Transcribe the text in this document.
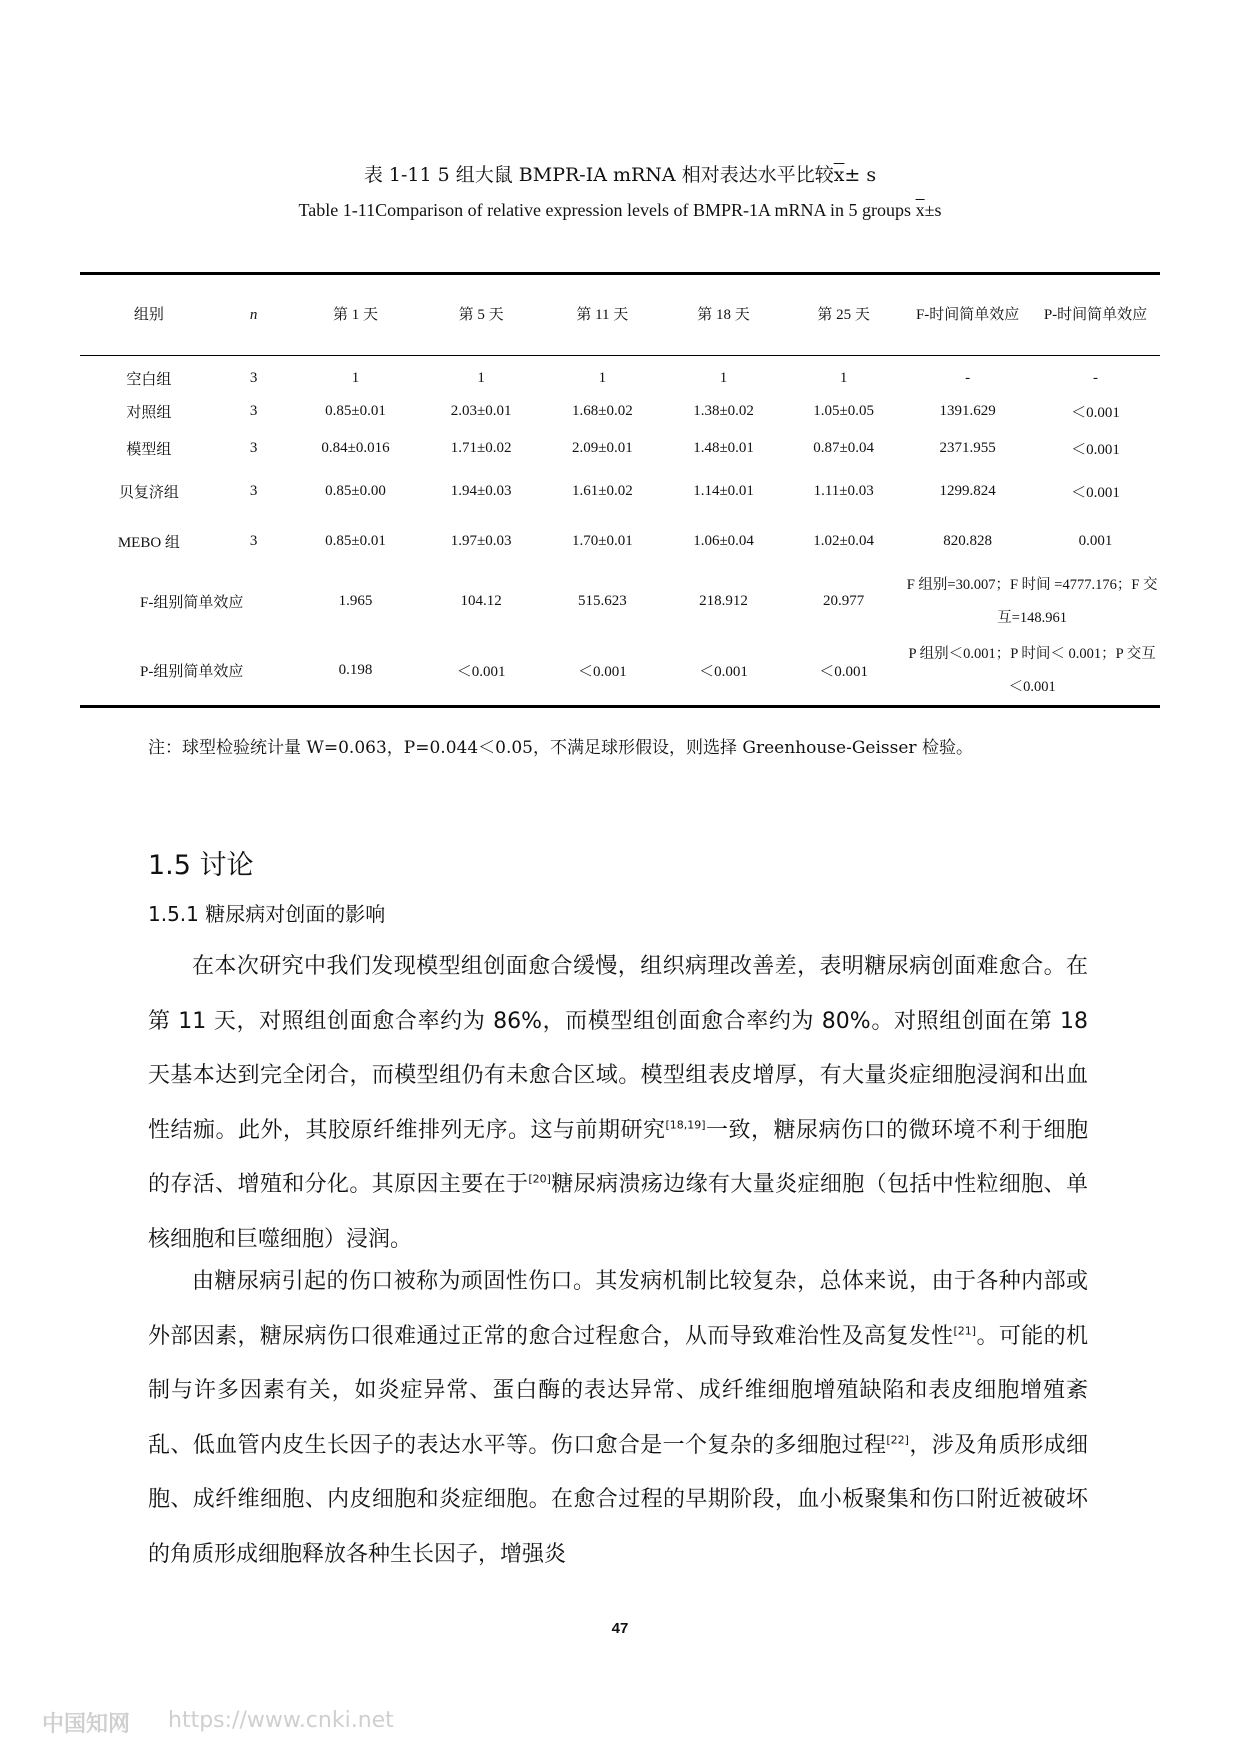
表 1-11 5 组大鼠 BMPR-IA mRNA 相对表达水平比较$\overline{x}\pm s$
Table 1-11Comparison of relative expression levels of BMPR-1A mRNA in 5 groups $\overline{x}\pm s$
组别	n	第 1 天	第 5 天	第 11 天	第 18 天	第 25 天	F-时间简单效应	P-时间简单效应
空白组	3	1	1	1	1	1	-	-
对照组	3	0.85±0.01	2.03±0.01	1.68±0.02	1.38±0.02	1.05±0.05	1391.629	＜0.001
模型组	3	0.84±0.016	1.71±0.02	2.09±0.01	1.48±0.01	0.87±0.04	2371.955	＜0.001
贝复济组	3	0.85±0.00	1.94±0.03	1.61±0.02	1.14±0.01	1.11±0.03	1299.824	＜0.001
MEBO 组	3	0.85±0.01	1.97±0.03	1.70±0.01	1.06±0.04	1.02±0.04	820.828	0.001
F-组别简单效应		1.965	104.12	515.623	218.912	20.977	F 组别=30.007；F 时间 =4777.176；F 交互=148.961	
P-组别简单效应		0.198	＜0.001	＜0.001	＜0.001	＜0.001	P 组别＜0.001；P 时间＜ 0.001；P 交互＜0.001	
注：球型检验统计量 W=0.063，P=0.044＜0.05，不满足球形假设，则选择 Greenhouse-Geisser 检验。
1.5 讨论
1.5.1 糖尿病对创面的影响

在本次研究中我们发现模型组创面愈合缓慢，组织病理改善差，表明糖尿病创面难愈合。在第 11 天，对照组创面愈合率约为 86%，而模型组创面愈合率约为 80%。对照组创面在第 18 天基本达到完全闭合，而模型组仍有未愈合区域。模型组表皮增厚，有大量炎症细胞浸润和出血性结痂。此外，其胶原纤维排列无序。这与前期研究[18,19]一致，糖尿病伤口的微环境不利于细胞的存活、增殖和分化。其原因主要在于[20]糖尿病溃疡边缘有大量炎症细胞（包括中性粒细胞、单核细胞和巨噬细胞）浸润。

由糖尿病引起的伤口被称为顽固性伤口。其发病机制比较复杂，总体来说，由于各种内部或外部因素，糖尿病伤口很难通过正常的愈合过程愈合，从而导致难治性及高复发性[21]。可能的机制与许多因素有关，如炎症异常、蛋白酶的表达异常、成纤维细胞增殖缺陷和表皮细胞增殖紊乱、低血管内皮生长因子的表达水平等。伤口愈合是一个复杂的多细胞过程[22]，涉及角质形成细胞、成纤维细胞、内皮细胞和炎症细胞。在愈合过程的早期阶段，血小板聚集和伤口附近被破坏的角质形成细胞释放各种生长因子，增强炎

47
中国知网 https://www.cnki.net
